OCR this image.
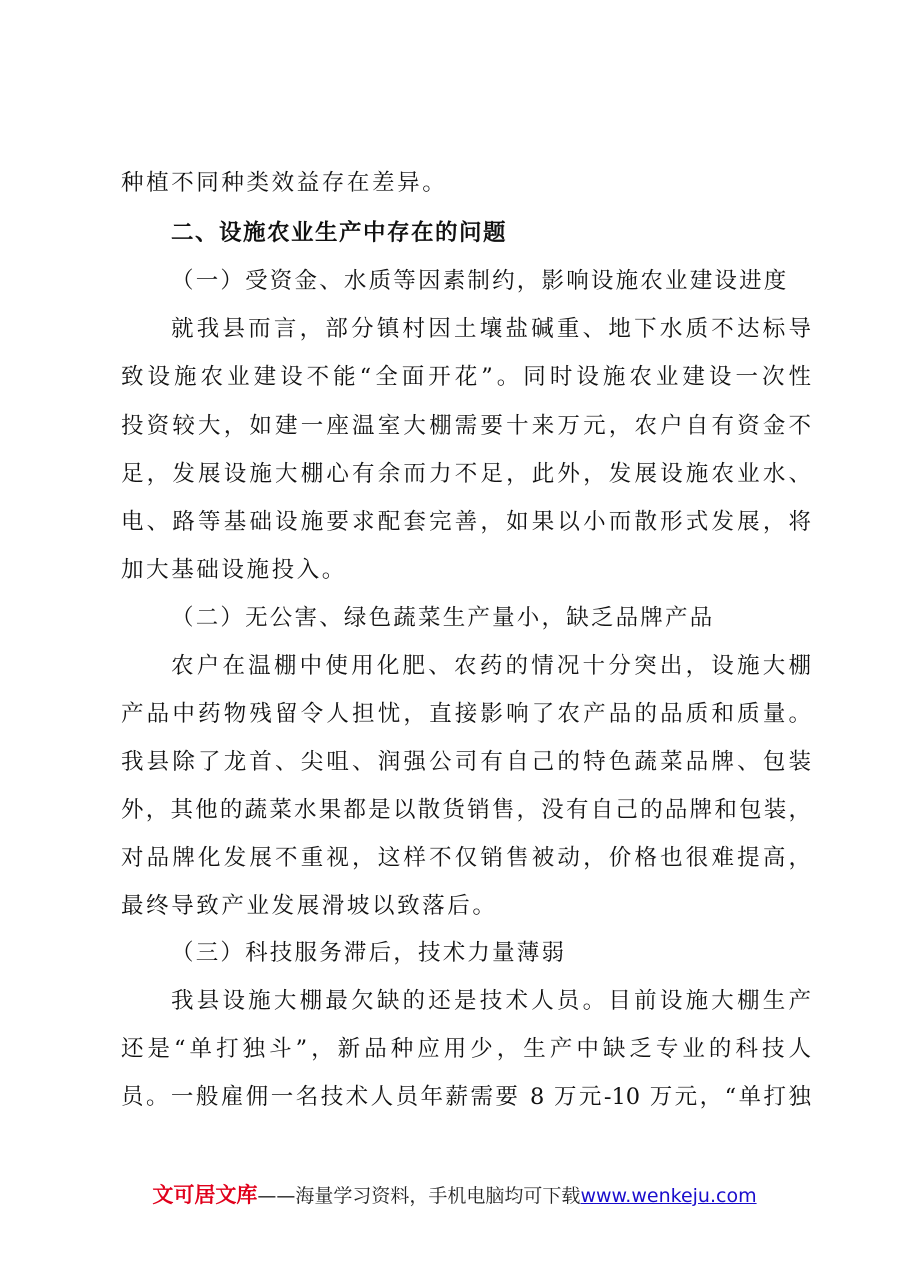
种植不同种类效益存在差异。
二、设施农业生产中存在的问题
（一）受资金、水质等因素制约，影响设施农业建设进度
就我县而言，部分镇村因土壤盐碱重、地下水质不达标导
致设施农业建设不能“全面开花”。同时设施农业建设一次性
投资较大，如建一座温室大棚需要十来万元，农户自有资金不
足，发展设施大棚心有余而力不足，此外，发展设施农业水、
电、路等基础设施要求配套完善，如果以小而散形式发展，将
加大基础设施投入。
（二）无公害、绿色蔬菜生产量小，缺乏品牌产品
农户在温棚中使用化肥、农药的情况十分突出，设施大棚
产品中药物残留令人担忧，直接影响了农产品的品质和质量。
我县除了龙首、尖咀、润强公司有自己的特色蔬菜品牌、包装
外，其他的蔬菜水果都是以散货销售，没有自己的品牌和包装，
对品牌化发展不重视，这样不仅销售被动，价格也很难提高，
最终导致产业发展滑坡以致落后。
（三）科技服务滞后，技术力量薄弱
我县设施大棚最欠缺的还是技术人员。目前设施大棚生产
还是“单打独斗”，新品种应用少，生产中缺乏专业的科技人
员。一般雇佣一名技术人员年薪需要 8 万元-10 万元，“单打独
文可居文库——海量学习资料，手机电脑均可下载www.wenkeju.com
